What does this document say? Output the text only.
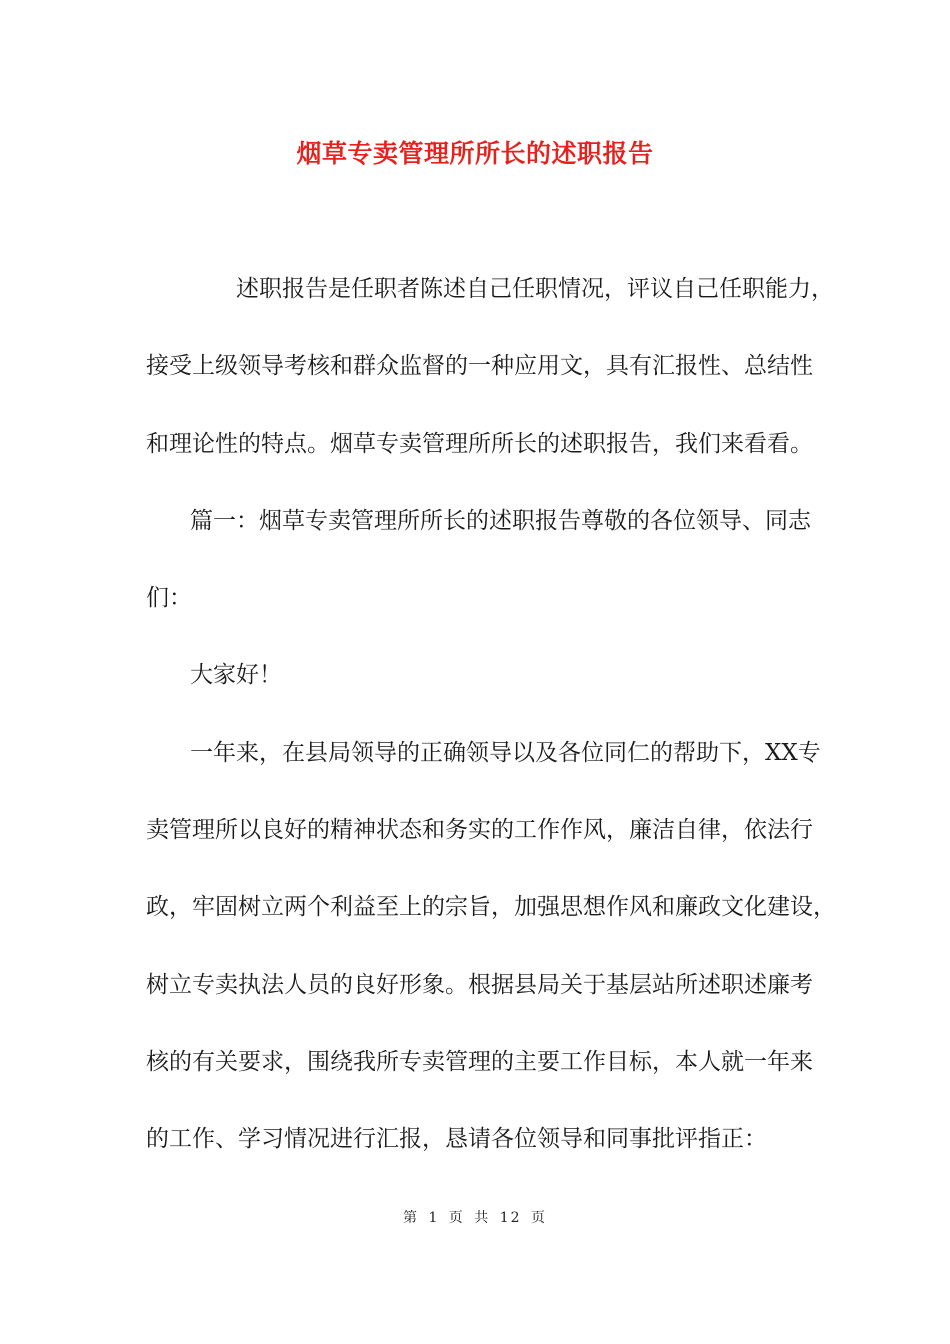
烟草专卖管理所所长的述职报告
述职报告是任职者陈述自己任职情况，评议自己任职能力，
接受上级领导考核和群众监督的一种应用文，具有汇报性、总结性
和理论性的特点。烟草专卖管理所所长的述职报告，我们来看看。
篇一：烟草专卖管理所所长的述职报告尊敬的各位领导、同志
们：
大家好！
一年来，在县局领导的正确领导以及各位同仁的帮助下，XX专
卖管理所以良好的精神状态和务实的工作作风，廉洁自律，依法行
政，牢固树立两个利益至上的宗旨，加强思想作风和廉政文化建设，
树立专卖执法人员的良好形象。根据县局关于基层站所述职述廉考
核的有关要求，围绕我所专卖管理的主要工作目标，本人就一年来
的工作、学习情况进行汇报，恳请各位领导和同事批评指正：
第 1 页 共 12 页
